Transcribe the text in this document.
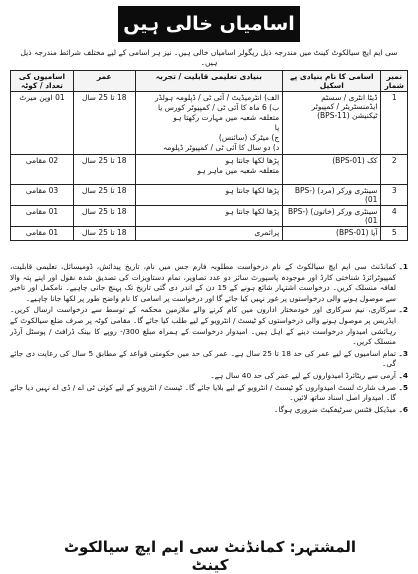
اسامیاں خالی ہیں
سی ایم ایچ سیالکوٹ کینٹ میں مندرجہ ذیل ریگولر اسامیاں خالی ہیں۔ نیز ہر اسامی کے لیے مختلف شرائط مندرجہ ذیل ہیں۔
نمبر شمار	اسامی کا نام بنیادی پے اسکیل	بنیادی تعلیمی قابلیت / تجربہ	عمر	اسامیوں کی تعداد / کوٹہ
1	ڈیٹا انٹری / سسٹم ایڈمنسٹریٹر / کمپیوٹر ٹیکنیشن (BPS-11)	الف) انٹرمیڈیٹ / آئی ٹی / ڈپلومہ ہولڈر
ب) 6 ماہ کا آئی ٹی / کمپیوٹر کورس یا متعلقہ شعبہ میں مہارت رکھتا ہو
یا
ج) میٹرک (سائنس)
د) دو سال کا آئی ٹی / کمپیوٹر ڈپلومہ	18 تا 25 سال	01 اوپن میرٹ
2	کک (BPS-01)	پڑھا لکھا جانتا ہو
متعلقہ شعبہ میں ماہر ہو	18 تا 25 سال	02 مقامی
3	سینٹری ورکر (مرد) (BPS-01)	پڑھا لکھا جانتا ہو	18 تا 25 سال	03 مقامی
4	سینٹری ورکر (خاتون) (BPS-01)	پڑھا لکھا جانتا ہو	18 تا 25 سال	01 مقامی
5	آیا (BPS-01)	پرائمری	18 تا 25 سال	01 مقامی
1۔
کمانڈنٹ سی ایم ایچ سیالکوٹ کے نام درخواست مطلوبہ فارم جس میں نام، تاریخ پیدائش، ڈومیسائل، تعلیمی قابلیت، کمپیوٹرائزڈ شناختی کارڈ اور موجودہ پاسپورٹ سائز دو عدد تصاویر، تمام دستاویزات کی تصدیق شدہ نقول اور اپنے پتہ والا لفافہ منسلک کریں۔ درخواست اشتہار شائع ہونے کے 15 دن کے اندر دی گئی تاریخ تک پہنچ جانی چاہیے۔ نامکمل اور تاخیر سے موصول ہونے والی درخواستوں پر غور نہیں کیا جائے گا اور درخواست پر اسامی کا نام واضح طور پر لکھا جانا چاہیے۔
2۔
سرکاری، نیم سرکاری اور خودمختار اداروں میں کام کرنے والے ملازمین محکمہ کے توسط سے درخواست ارسال کریں۔ ایڈریس پر موصول ہونے والی درخواستوں کو ٹیسٹ / انٹرویو کے لیے طلب کیا جائے گا۔ مقامی کوٹہ پر صرف ضلع سیالکوٹ کے رہائشی امیدوار درخواست دینے کے اہل ہیں۔ امیدوار درخواست کے ہمراہ مبلغ 300/- روپے کا بینک ڈرافٹ / پوسٹل آرڈر منسلک کریں۔
3۔
تمام اسامیوں کے لیے عمر کی حد 18 تا 25 سال ہے۔ عمر کی حد میں حکومتی قواعد کے مطابق 5 سال کی رعایت دی جائے گی۔
4۔
آرمی سے ریٹائرڈ امیدواروں کے لیے عمر کی حد 40 سال ہے۔
5۔
صرف شارٹ لسٹ امیدواروں کو ٹیسٹ / انٹرویو کے لیے بلایا جائے گا۔ ٹیسٹ / انٹرویو کے لیے کوئی ٹی اے / ڈی اے نہیں دیا جائے گا۔ امیدوار اصل اسناد ساتھ لائیں۔
6۔
میڈیکل فٹنس سرٹیفکیٹ ضروری ہوگا۔
المشتہر: کمانڈنٹ سی ایم ایچ سیالکوٹ کینٹ
